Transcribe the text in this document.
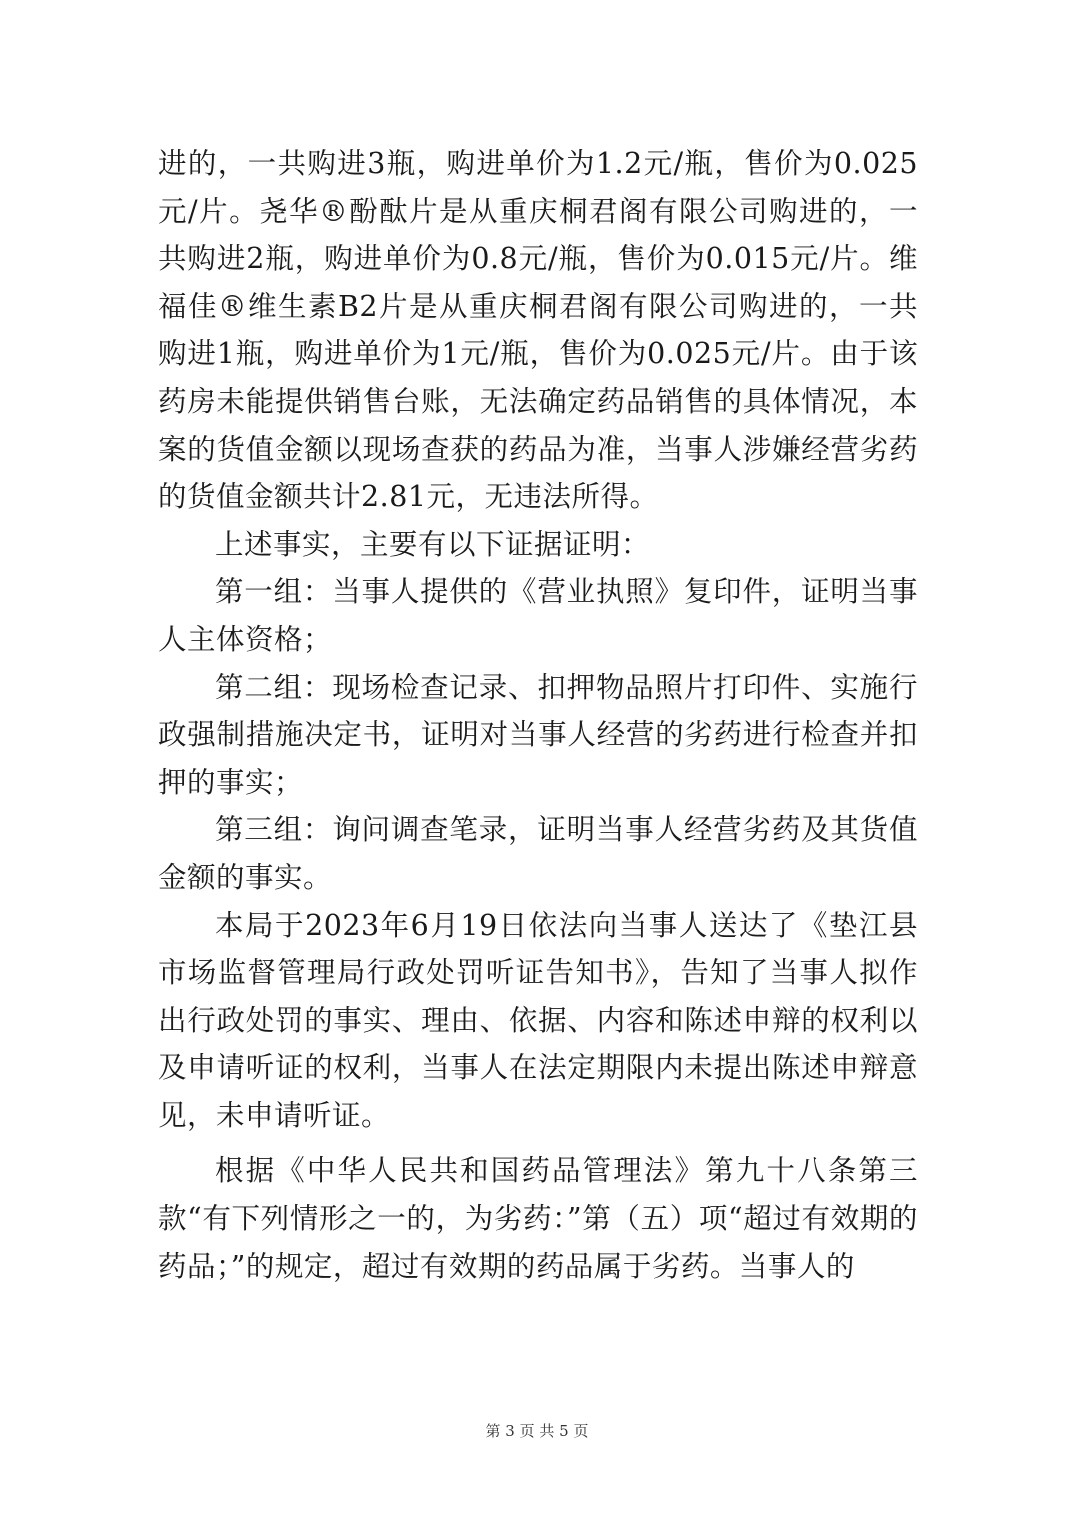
进的，一共购进3瓶，购进单价为1.2元/瓶，售价为0.025元/片。尧华®酚酞片是从重庆桐君阁有限公司购进的，一共购进2瓶，购进单价为0.8元/瓶，售价为0.015元/片。维福佳®维生素B2片是从重庆桐君阁有限公司购进的，一共购进1瓶，购进单价为1元/瓶，售价为0.025元/片。由于该药房未能提供销售台账，无法确定药品销售的具体情况，本案的货值金额以现场查获的药品为准，当事人涉嫌经营劣药的货值金额共计2.81元，无违法所得。

上述事实，主要有以下证据证明：

第一组：当事人提供的《营业执照》复印件，证明当事人主体资格；

第二组：现场检查记录、扣押物品照片打印件、实施行政强制措施决定书，证明对当事人经营的劣药进行检查并扣押的事实；

第三组：询问调查笔录，证明当事人经营劣药及其货值金额的事实。

本局于2023年6月19日依法向当事人送达了《垫江县市场监督管理局行政处罚听证告知书》，告知了当事人拟作出行政处罚的事实、理由、依据、内容和陈述申辩的权利以及申请听证的权利，当事人在法定期限内未提出陈述申辩意见，未申请听证。

根据《中华人民共和国药品管理法》第九十八条第三款“有下列情形之一的，为劣药：”第（五）项“超过有效期的药品；”的规定，超过有效期的药品属于劣药。当事人的

第 3 页 共 5 页
